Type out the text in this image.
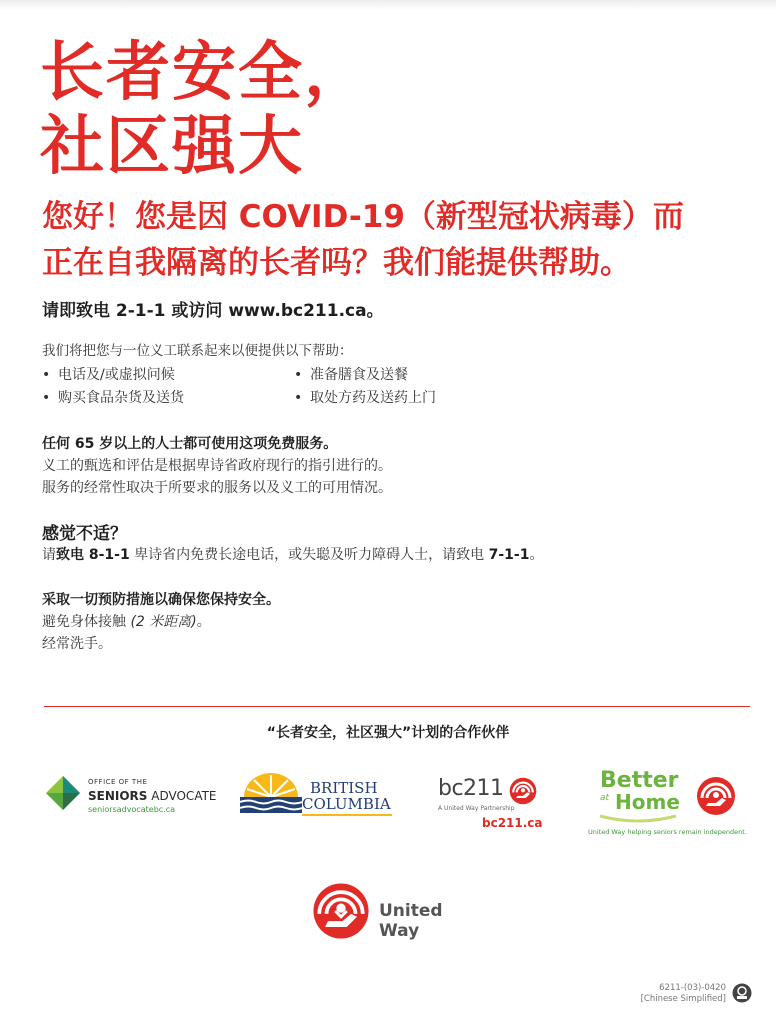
长者安全，
社区强大
您好！您是因 COVID-19（新型冠状病毒）而
正在自我隔离的长者吗？我们能提供帮助。
请即致电 2-1-1 或访问 www.bc211.ca。
我们将把您与一位义工联系起来以便提供以下帮助：
• 电话及/或虚拟问候
• 购买食品杂货及送货
• 准备膳食及送餐
• 取处方药及送药上门
任何 65 岁以上的人士都可使用这项免费服务。
义工的甄选和评估是根据卑诗省政府现行的指引进行的。
服务的经常性取决于所要求的服务以及义工的可用情况。
感觉不适？
请致电 8-1-1 卑诗省内免费长途电话，或失聪及听力障碍人士，请致电 7-1-1。
采取一切预防措施以确保您保持安全。
避免身体接触 (2 米距离)。
经常洗手。
“长者安全，社区强大”计划的合作伙伴
OFFICE OF THE
SENIORS ADVOCATE
seniorsadvocatebc.ca
BRITISH
COLUMBIA
bc211
A United Way Partnership
bc211.ca
Better
at Home
United Way helping seniors remain independent.
United Way
6211-(03)-0420
[Chinese Simplified]
